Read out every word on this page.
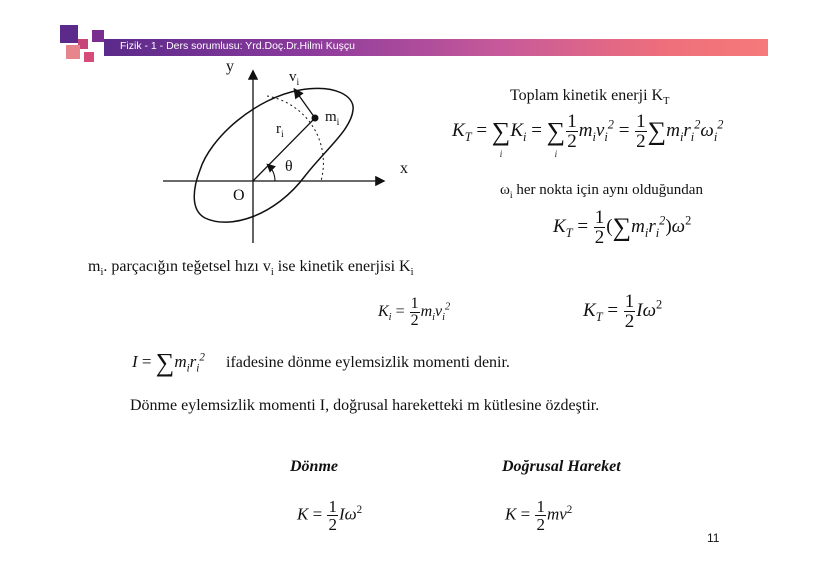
Fizik - 1 - Ders sorumlusu: Yrd.Doç.Dr.Hilmi Kuşçu
y
x
O
θ
$v_i$
$r_i$
$m_i$
Toplam kinetik enerji $K_T$
$K_T$ = ∑
i
$K_i$ = ∑
i
$\frac{1}{2} m_iv_i^2 = \frac{1}{2} \sum m_ir_i^2\omega_i^2$
$\omega_i$ her nokta için aynı olduğundan
$K_T = \frac{1}{2} (\sum m_ir_i^2)\omega^2$
$m_i$. parçacığın teğetsel hızı $v_i$ ise kinetik enerjisi $K_i$
$K_i = \frac{1}{2} m_iv_i^2$	$K_T = \frac{1}{2} I\omega^2$
$I = \sum m_ir_i^2$ ifadesine dönme eylemsizlik momenti denir.
Dönme eylemsizlik momenti I, doğrusal hareketteki m kütlesine özdeştir.
Dönme	Doğrusal Hareket
$K = \frac{1}{2} I\omega^2$	$K = \frac{1}{2} mv^2$
11
